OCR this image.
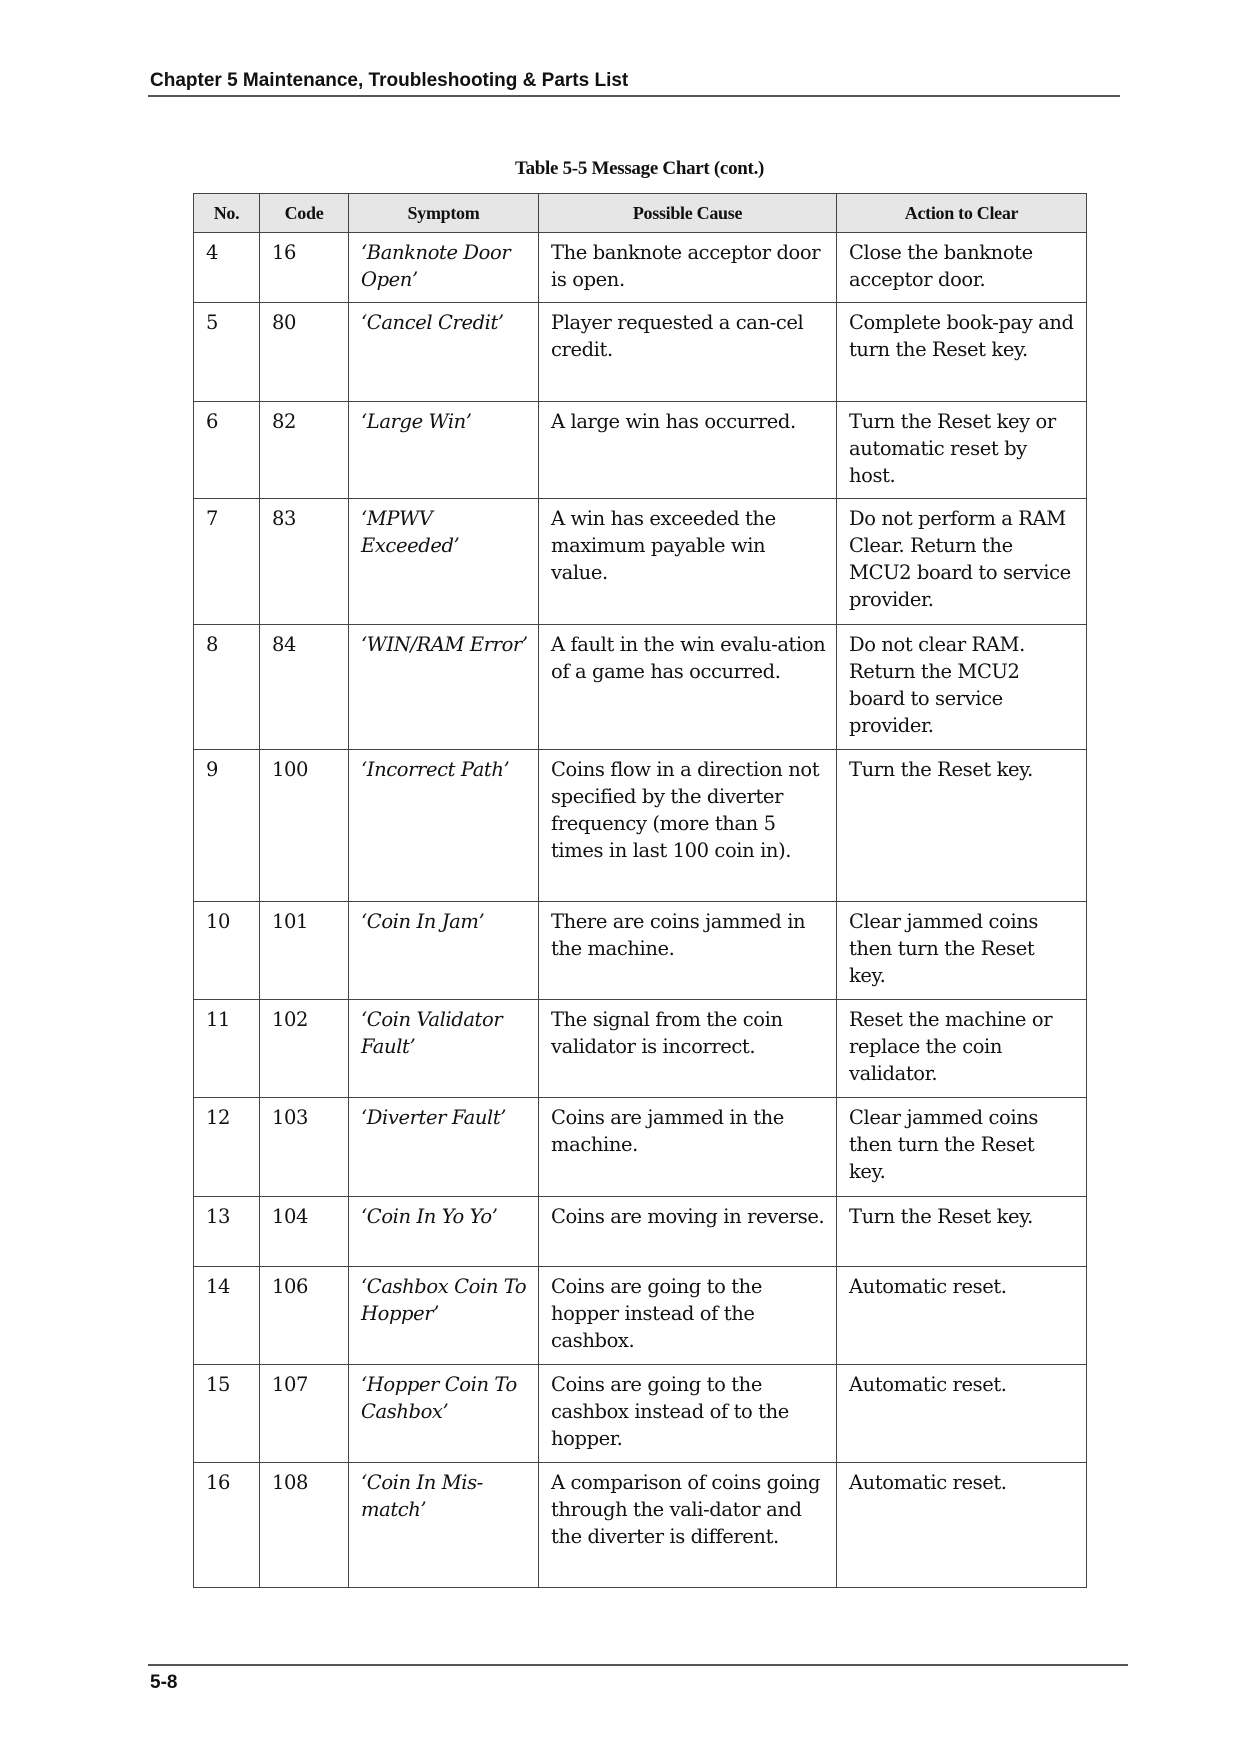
Chapter 5 Maintenance, Troubleshooting & Parts List
Table 5-5 Message Chart (cont.)
No.	Code	Symptom	Possible Cause	Action to Clear
4	16	‘Banknote Door Open’	The banknote acceptor door is open.	Close the banknote acceptor door.
5	80	‘Cancel Credit’	Player requested a can-cel credit.	Complete book-pay and turn the Reset key.
6	82	‘Large Win’	A large win has occurred.	Turn the Reset key or automatic reset by host.
7	83	‘MPWV Exceeded’	A win has exceeded the maximum payable win value.	Do not perform a RAM Clear. Return the MCU2 board to service provider.
8	84	‘WIN/RAM Error’	A fault in the win evalu-ation of a game has occurred.	Do not clear RAM. Return the MCU2 board to service provider.
9	100	‘Incorrect Path’	Coins flow in a direction not specified by the diverter frequency (more than 5 times in last 100 coin in).	Turn the Reset key.
10	101	‘Coin In Jam’	There are coins jammed in the machine.	Clear jammed coins then turn the Reset key.
11	102	‘Coin Validator Fault’	The signal from the coin validator is incorrect.	Reset the machine or replace the coin validator.
12	103	‘Diverter Fault’	Coins are jammed in the machine.	Clear jammed coins then turn the Reset key.
13	104	‘Coin In Yo Yo’	Coins are moving in reverse.	Turn the Reset key.
14	106	‘Cashbox Coin To Hopper’	Coins are going to the hopper instead of the cashbox.	Automatic reset.
15	107	‘Hopper Coin To Cashbox’	Coins are going to the cashbox instead of to the hopper.	Automatic reset.
16	108	‘Coin In Mis-match’	A comparison of coins going through the vali-dator and the diverter is different.	Automatic reset.
5-8
